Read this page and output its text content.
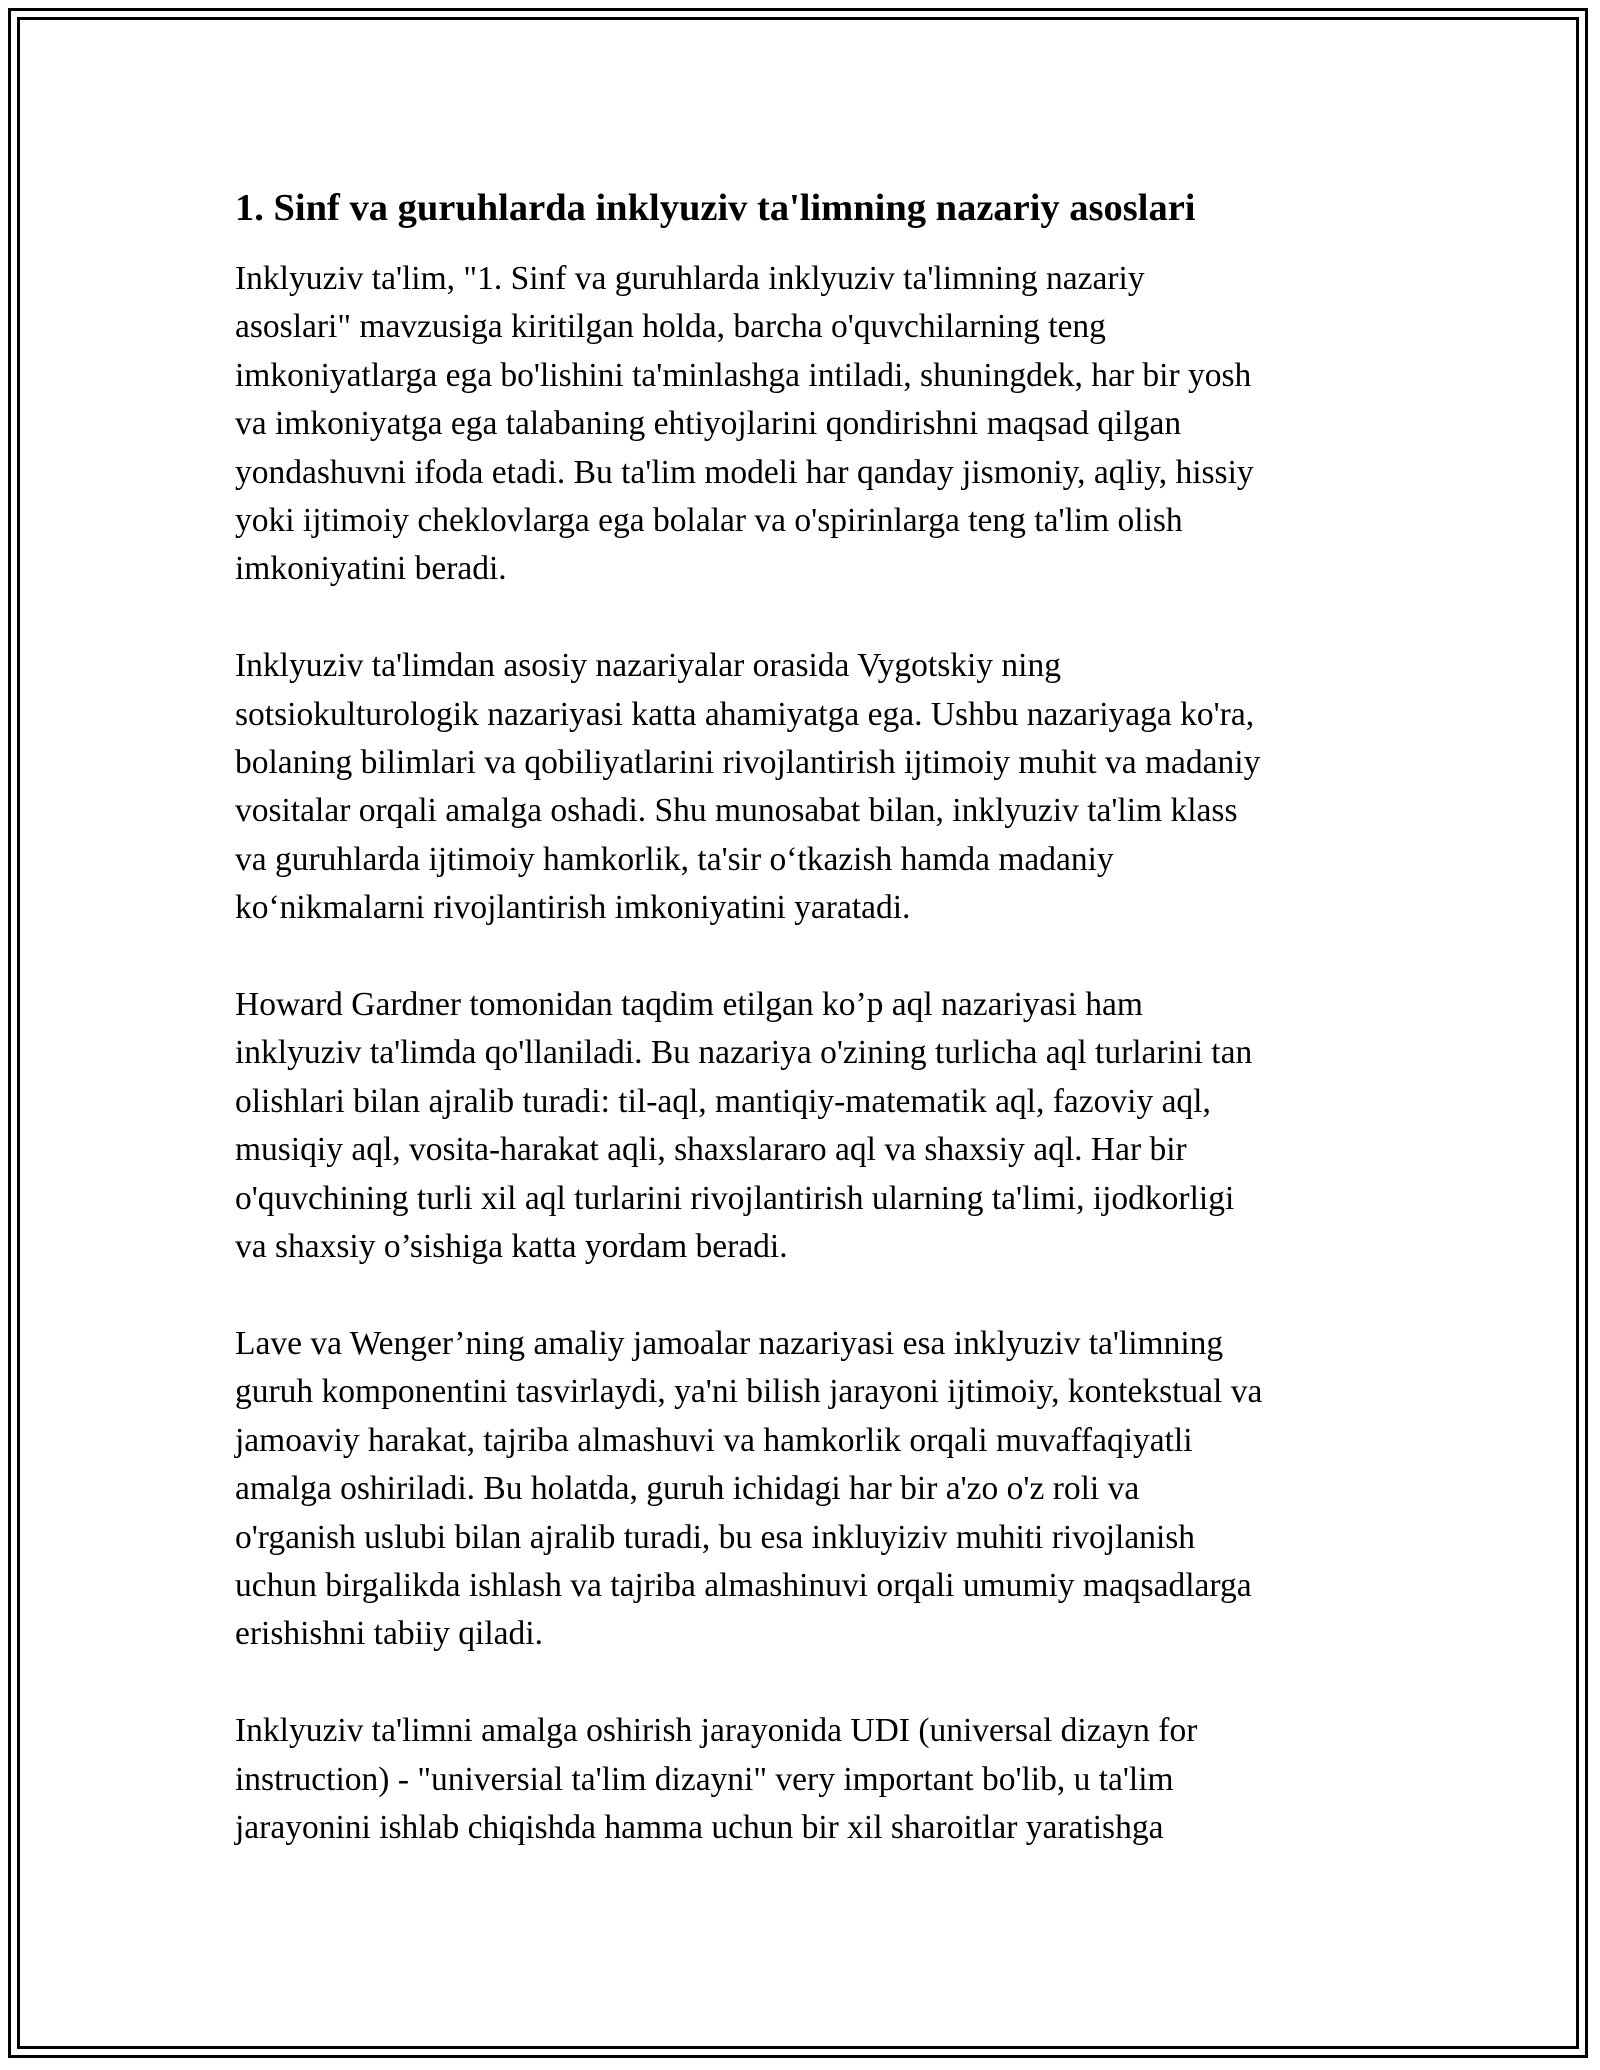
1. Sinf va guruhlarda inklyuziv ta'limning nazariy asoslari
Inklyuziv ta'lim, "1. Sinf va guruhlarda inklyuziv ta'limning nazariy
asoslari" mavzusiga kiritilgan holda, barcha o'quvchilarning teng
imkoniyatlarga ega bo'lishini ta'minlashga intiladi, shuningdek, har bir yosh
va imkoniyatga ega talabaning ehtiyojlarini qondirishni maqsad qilgan
yondashuvni ifoda etadi. Bu ta'lim modeli har qanday jismoniy, aqliy, hissiy
yoki ijtimoiy cheklovlarga ega bolalar va o'spirinlarga teng ta'lim olish
imkoniyatini beradi.
Inklyuziv ta'limdan asosiy nazariyalar orasida Vygotskiy ning
sotsiokulturologik nazariyasi katta ahamiyatga ega. Ushbu nazariyaga ko'ra,
bolaning bilimlari va qobiliyatlarini rivojlantirish ijtimoiy muhit va madaniy
vositalar orqali amalga oshadi. Shu munosabat bilan, inklyuziv ta'lim klass
va guruhlarda ijtimoiy hamkorlik, ta'sir o‘tkazish hamda madaniy
ko‘nikmalarni rivojlantirish imkoniyatini yaratadi.
Howard Gardner tomonidan taqdim etilgan ko’p aql nazariyasi ham
inklyuziv ta'limda qo'llaniladi. Bu nazariya o'zining turlicha aql turlarini tan
olishlari bilan ajralib turadi: til-aql, mantiqiy-matematik aql, fazoviy aql,
musiqiy aql, vosita-harakat aqli, shaxslararo aql va shaxsiy aql. Har bir
o'quvchining turli xil aql turlarini rivojlantirish ularning ta'limi, ijodkorligi
va shaxsiy o’sishiga katta yordam beradi.
Lave va Wenger’ning amaliy jamoalar nazariyasi esa inklyuziv ta'limning
guruh komponentini tasvirlaydi, ya'ni bilish jarayoni ijtimoiy, kontekstual va
jamoaviy harakat, tajriba almashuvi va hamkorlik orqali muvaffaqiyatli
amalga oshiriladi. Bu holatda, guruh ichidagi har bir a'zo o'z roli va
o'rganish uslubi bilan ajralib turadi, bu esa inkluyiziv muhiti rivojlanish
uchun birgalikda ishlash va tajriba almashinuvi orqali umumiy maqsadlarga
erishishni tabiiy qiladi.
Inklyuziv ta'limni amalga oshirish jarayonida UDI (universal dizayn for
instruction) - "universial ta'lim dizayni" very important bo'lib, u ta'lim
jarayonini ishlab chiqishda hamma uchun bir xil sharoitlar yaratishga
